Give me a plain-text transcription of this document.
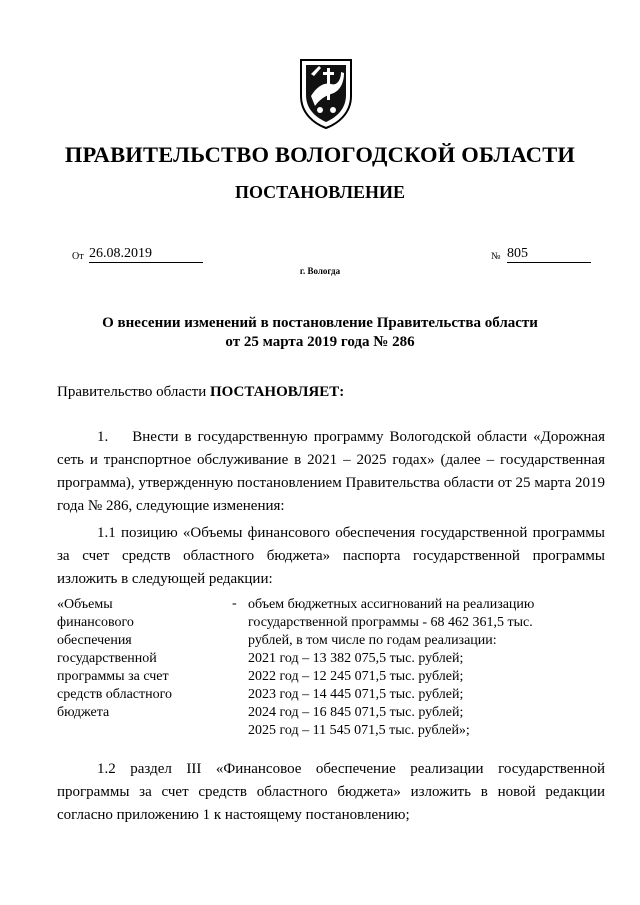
ПРАВИТЕЛЬСТВО ВОЛОГОДСКОЙ ОБЛАСТИ
ПОСТАНОВЛЕНИЕ
От 26.08.2019	№ 805
г. Вологда
О внесении изменений в постановление Правительства области
от 25 марта 2019 года № 286
Правительство области ПОСТАНОВЛЯЕТ:
1.    Внести в государственную программу Вологодской области «Дорожная сеть и транспортное обслуживание в 2021 – 2025 годах» (далее – государственная программа), утвержденную постановлением Правительства области от 25 марта 2019 года № 286, следующие изменения:
1.1 позицию «Объемы финансового обеспечения государственной программы за счет средств областного бюджета» паспорта государственной программы изложить в следующей редакции:
«Объемы
финансового
обеспечения
государственной
программы за счет
средств областного
бюджета
- объем бюджетных ассигнований на реализацию
государственной программы - 68 462 361,5 тыс.
рублей, в том числе по годам реализации:
2021 год – 13 382 075,5 тыс. рублей;
2022 год – 12 245 071,5 тыс. рублей;
2023 год – 14 445 071,5 тыс. рублей;
2024 год – 16 845 071,5 тыс. рублей;
2025 год – 11 545 071,5 тыс. рублей»;
1.2 раздел III «Финансовое обеспечение реализации государственной программы за счет средств областного бюджета» изложить в новой редакции согласно приложению 1 к настоящему постановлению;
